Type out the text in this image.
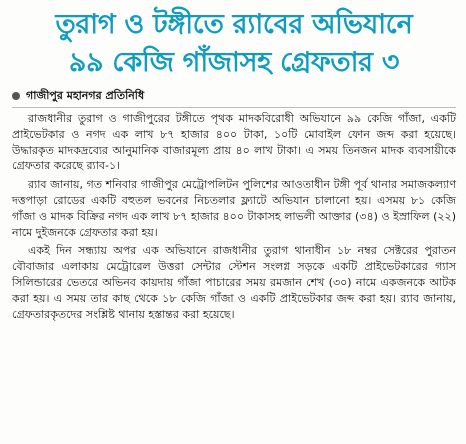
তুরাগ ও টঙ্গীতে র‍্যাবের অভিযানে
৯৯ কেজি গাঁজাসহ গ্রেফতার ৩
গাজীপুর মহানগর প্রতিনিধি

রাজধানীর তুরাগ ও গাজীপুরের টঙ্গীতে পৃথক মাদকবিরোধী অভিযানে ৯৯ কেজি গাঁজা, একটি প্রাইভেটকার ও নগদ এক লাখ ৮৭ হাজার ৪০০ টাকা, ১০টি মোবাইল ফোন জব্দ করা হয়েছে। উদ্ধারকৃত মাদকদ্রব্যের আনুমানিক বাজারমূল্য প্রায় ৪০ লাখ টাকা। এ সময় তিনজন মাদক ব্যবসায়ীকে গ্রেফতার করেছে র‍্যাব-১।

র‍্যাব জানায়, গত শনিবার গাজীপুর মেট্রোপলিটন পুলিশের আওতাধীন টঙ্গী পূর্ব থানার সমাজকল্যাণ দত্তপাড়া রোডের একটি বহুতল ভবনের নিচতলার ফ্ল্যাটে অভিযান চালানো হয়। এসময় ৮১ কেজি গাঁজা ও মাদক বিক্রির নগদ এক লাখ ৮৭ হাজার ৪০০ টাকাসহ লাভলী আক্তার (৩৪) ও ইস্রাফিল (২২) নামে দুইজনকে গ্রেফতার করা হয়।

একই দিন সন্ধ্যায় অপর এক অভিযানে রাজধানীর তুরাগ থানাধীন ১৮ নম্বর সেক্টরের পুরাতন বৌবাজার এলাকায় মেট্রোরেল উত্তরা সেন্টার স্টেশন সংলগ্ন সড়কে একটি প্রাইভেটকারের গ্যাস সিলিন্ডারের ভেতরে অভিনব কায়দায় গাঁজা পাচারের সময় রমজান শেখ (৩০) নামে একজনকে আটক করা হয়। এ সময় তার কাছ থেকে ১৮ কেজি গাঁজা ও একটি প্রাইভেটকার জব্দ করা হয়। র‍্যাব জানায়, গ্রেফতারকৃতদের সংশ্লিষ্ট থানায় হস্তান্তর করা হয়েছে।
